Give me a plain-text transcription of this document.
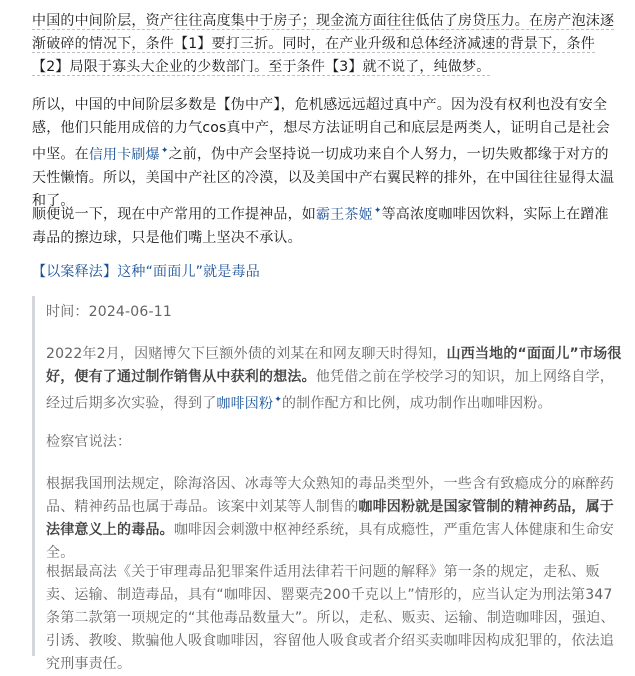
中国的中间阶层，资产往往高度集中于房子；现金流方面往往低估了房贷压力。在房产泡沫逐渐破碎的情况下，条件【1】要打三折。同时，在产业升级和总体经济减速的背景下，条件【2】局限于寡头大企业的少数部门。至于条件【3】就不说了，纯做梦。

所以，中国的中间阶层多数是【伪中产】，危机感远远超过真中产。因为没有权利也没有安全感，他们只能用成倍的力气cos真中产，想尽方法证明自己和底层是两类人，证明自己是社会中坚。在信用卡刷爆✦之前，伪中产会坚持说一切成功来自个人努力，一切失败都缘于对方的天性懒惰。所以，美国中产社区的冷漠，以及美国中产右翼民粹的排外，在中国往往显得太温和了。

顺便说一下，现在中产常用的工作提神品，如霸王茶姬✦等高浓度咖啡因饮料，实际上在蹭准毒品的擦边球，只是他们嘴上坚决不承认。

【以案释法】这种“面面儿”就是毒品

时间：2024-06-11

2022年2月，因赌博欠下巨额外债的刘某在和网友聊天时得知，山西当地的“面面儿”市场很好，便有了通过制作销售从中获利的想法。他凭借之前在学校学习的知识，加上网络自学，经过后期多次实验，得到了咖啡因粉✦的制作配方和比例，成功制作出咖啡因粉。

检察官说法：

根据我国刑法规定，除海洛因、冰毒等大众熟知的毒品类型外，一些含有致瘾成分的麻醉药品、精神药品也属于毒品。该案中刘某等人制售的咖啡因粉就是国家管制的精神药品，属于法律意义上的毒品。咖啡因会刺激中枢神经系统，具有成瘾性，严重危害人体健康和生命安全。

根据最高法《关于审理毒品犯罪案件适用法律若干问题的解释》第一条的规定，走私、贩卖、运输、制造毒品，具有“咖啡因、罂粟壳200千克以上”情形的，应当认定为刑法第347条第二款第一项规定的“其他毒品数量大”。所以，走私、贩卖、运输、制造咖啡因，强迫、引诱、教唆、欺骗他人吸食咖啡因，容留他人吸食或者介绍买卖咖啡因构成犯罪的，依法追究刑事责任。
